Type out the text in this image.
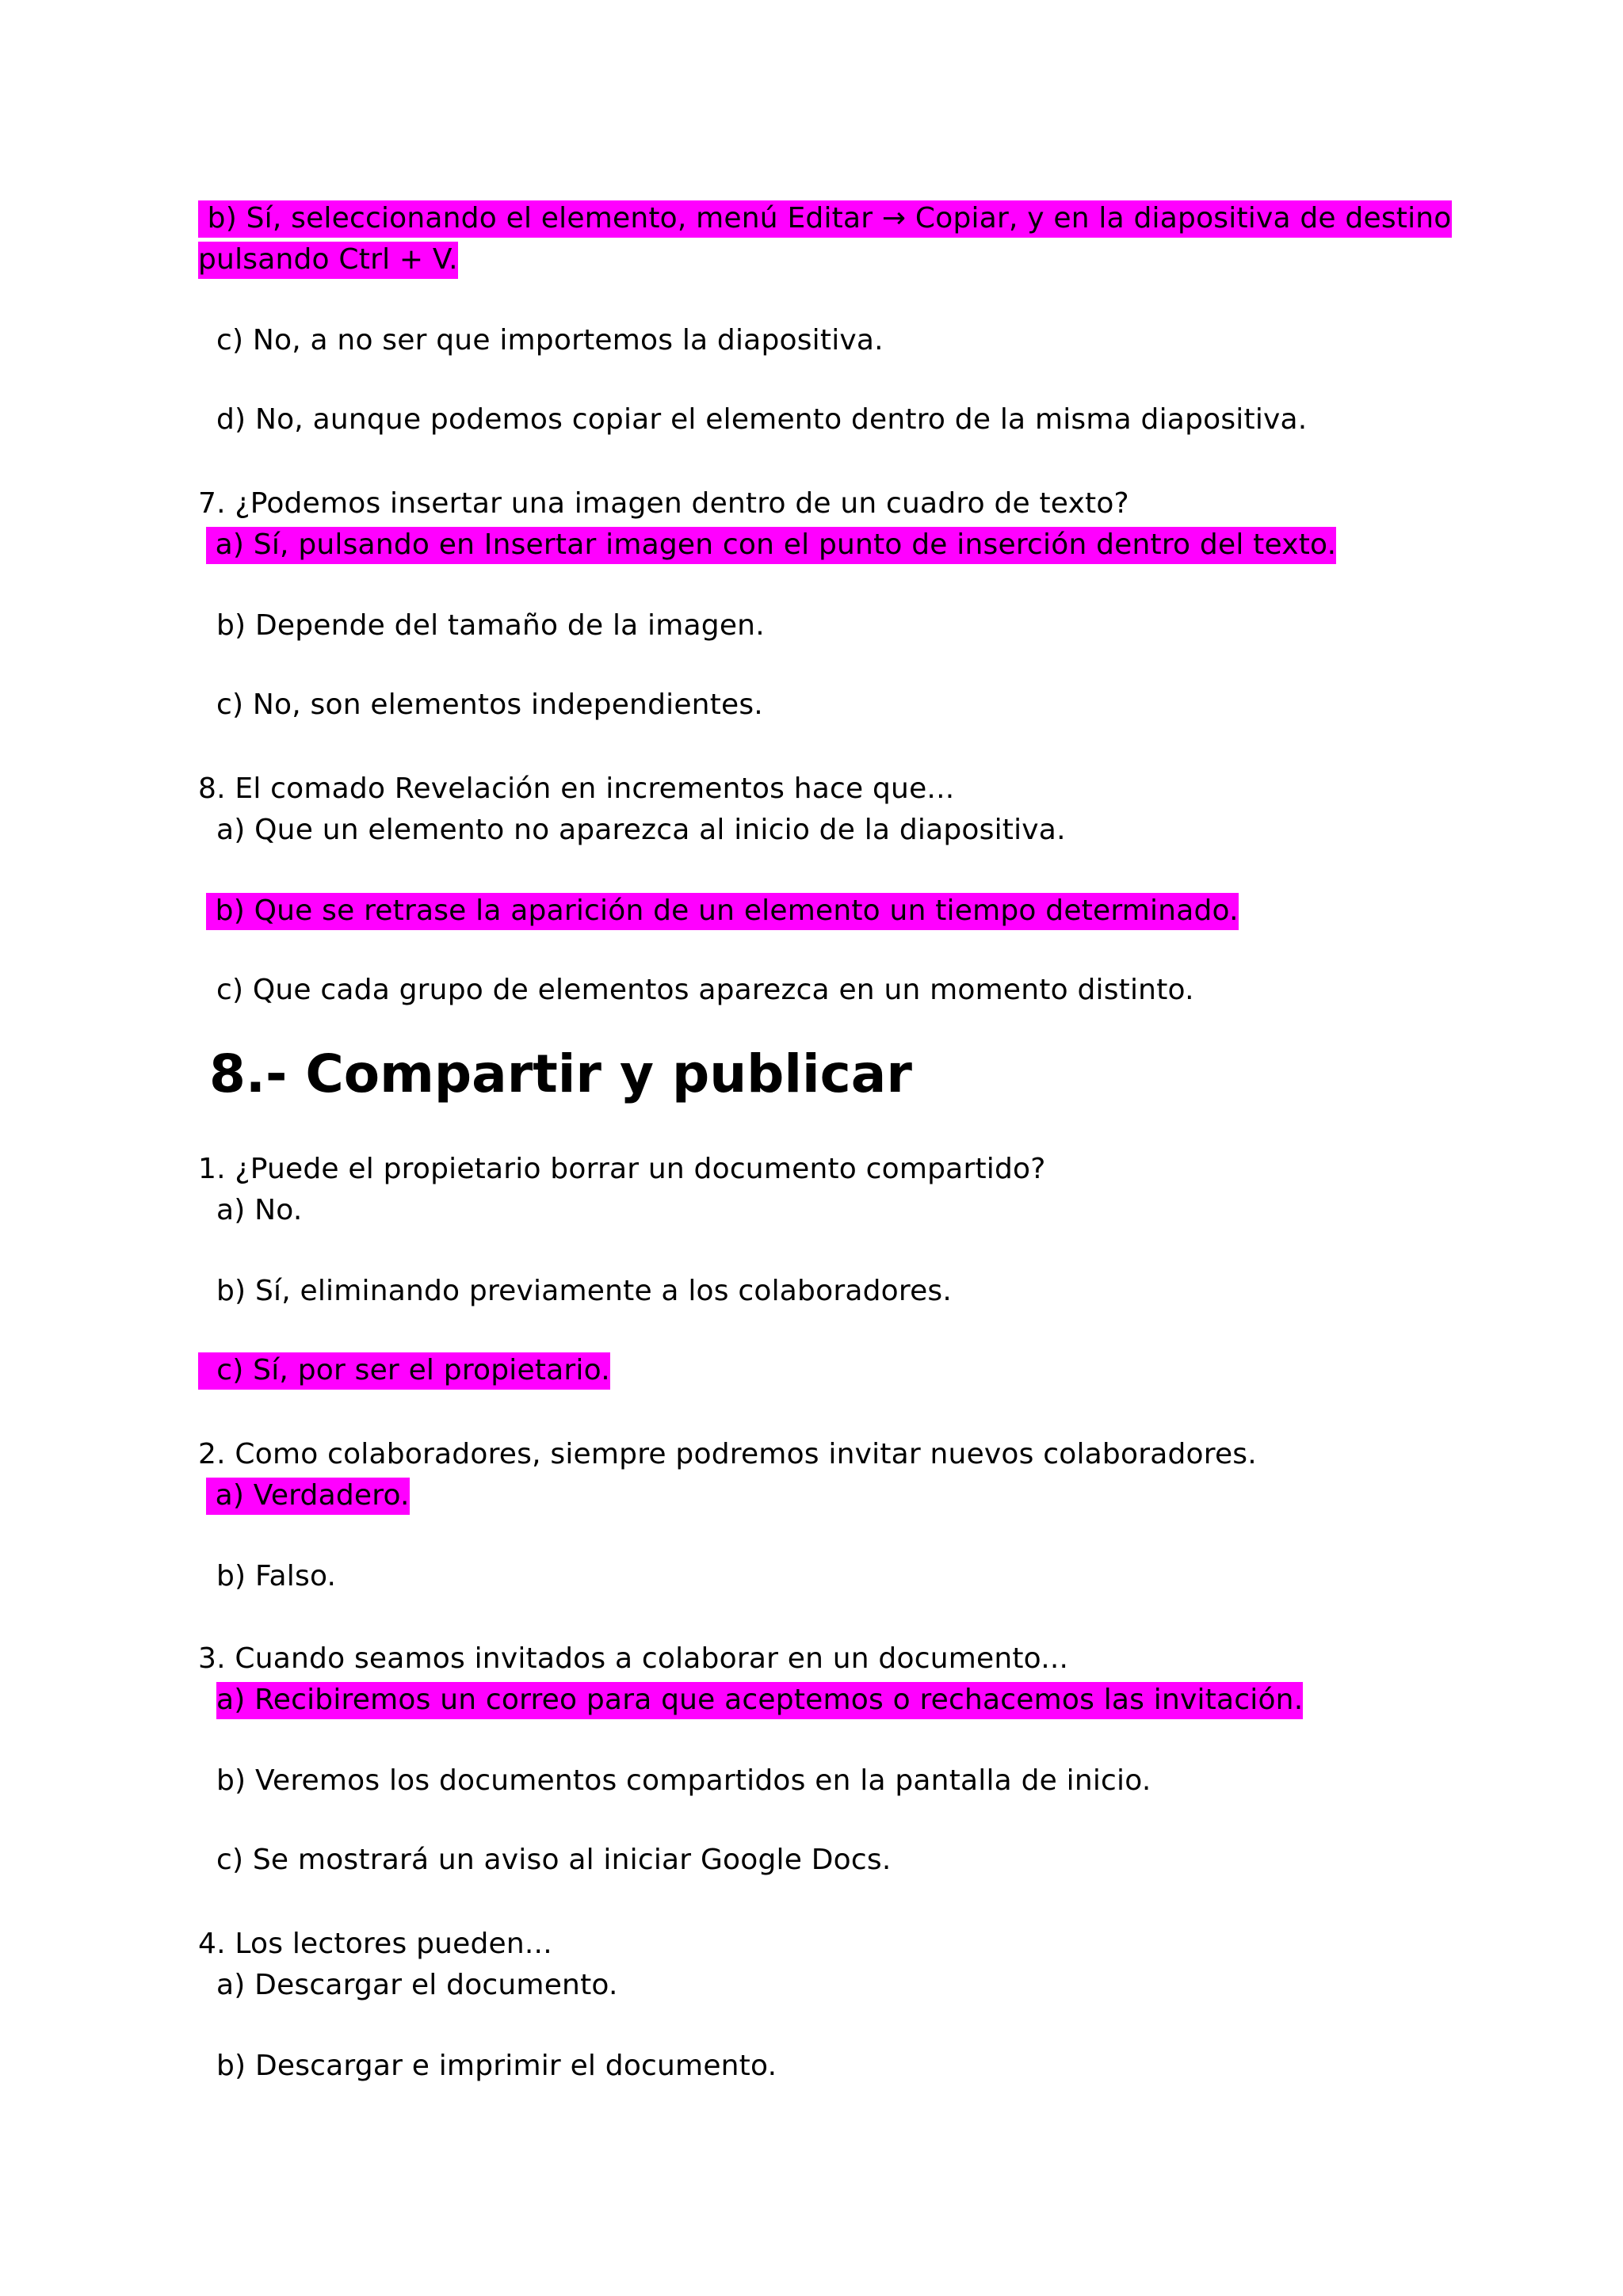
b) Sí, seleccionando el elemento, menú Editar → Copiar, y en la diapositiva de destino
pulsando Ctrl + V.
c) No, a no ser que importemos la diapositiva.
d) No, aunque podemos copiar el elemento dentro de la misma diapositiva.
7. ¿Podemos insertar una imagen dentro de un cuadro de texto?
a) Sí, pulsando en Insertar imagen con el punto de inserción dentro del texto.
b) Depende del tamaño de la imagen.
c) No, son elementos independientes.
8. El comado Revelación en incrementos hace que...
a) Que un elemento no aparezca al inicio de la diapositiva.
b) Que se retrase la aparición de un elemento un tiempo determinado.
c) Que cada grupo de elementos aparezca en un momento distinto.
8.- Compartir y publicar
1. ¿Puede el propietario borrar un documento compartido?
a) No.
b) Sí, eliminando previamente a los colaboradores.
c) Sí, por ser el propietario.
2. Como colaboradores, siempre podremos invitar nuevos colaboradores.
a) Verdadero.
b) Falso.
3. Cuando seamos invitados a colaborar en un documento...
a) Recibiremos un correo para que aceptemos o rechacemos las invitación.
b) Veremos los documentos compartidos en la pantalla de inicio.
c) Se mostrará un aviso al iniciar Google Docs.
4. Los lectores pueden...
a) Descargar el documento.
b) Descargar e imprimir el documento.
